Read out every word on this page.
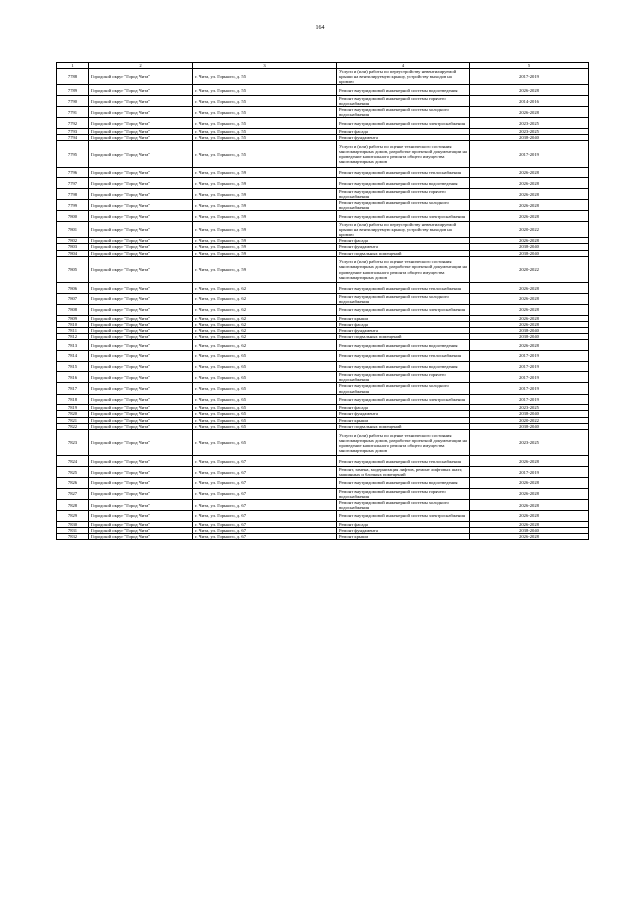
164
1	2	3	4	5
7788	Городской округ "Город Чита"	г. Чита, ул. Горького, д. 55	Услуги и (или) работы по переустройству невентилируемой крыши на вентилируемую крышу, устройству выходов на кровлю	2017-2019
7789	Городской округ "Город Чита"	г. Чита, ул. Горького, д. 55	Ремонт внутридомовой инженерной системы водоотведения	2026-2028
7790	Городской округ "Город Чита"	г. Чита, ул. Горького, д. 55	Ремонт внутридомовой инженерной системы горячего водоснабжения	2014-2016
7791	Городской округ "Город Чита"	г. Чита, ул. Горького, д. 55	Ремонт внутридомовой инженерной системы холодного водоснабжения	2026-2028
7792	Городской округ "Город Чита"	г. Чита, ул. Горького, д. 55	Ремонт внутридомовой инженерной системы электроснабжения	2023-2025
7793	Городской округ "Город Чита"	г. Чита, ул. Горького, д. 55	Ремонт фасада	2023-2025
7794	Городской округ "Город Чита"	г. Чита, ул. Горького, д. 55	Ремонт фундамента	2038-2040
7795	Городской округ "Город Чита"	г. Чита, ул. Горького, д. 55	Услуги и (или) работы по оценке технического состояния многоквартирных домов, разработке проектной документации на проведение капитального ремонта общего имущества многоквартирных домов	2017-2019
7796	Городской округ "Город Чита"	г. Чита, ул. Горького, д. 59	Ремонт внутридомовой инженерной системы теплоснабжения	2026-2028
7797	Городской округ "Город Чита"	г. Чита, ул. Горького, д. 59	Ремонт внутридомовой инженерной системы водоотведения	2026-2028
7798	Городской округ "Город Чита"	г. Чита, ул. Горького, д. 59	Ремонт внутридомовой инженерной системы горячего водоснабжения	2026-2028
7799	Городской округ "Город Чита"	г. Чита, ул. Горького, д. 59	Ремонт внутридомовой инженерной системы холодного водоснабжения	2026-2028
7800	Городской округ "Город Чита"	г. Чита, ул. Горького, д. 59	Ремонт внутридомовой инженерной системы электроснабжения	2026-2028
7801	Городской округ "Город Чита"	г. Чита, ул. Горького, д. 59	Услуги и (или) работы по переустройству невентилируемой крыши на вентилируемую крышу, устройству выходов на кровлю	2020-2022
7802	Городской округ "Город Чита"	г. Чита, ул. Горького, д. 59	Ремонт фасада	2026-2028
7803	Городской округ "Город Чита"	г. Чита, ул. Горького, д. 59	Ремонт фундамента	2038-2040
7804	Городской округ "Город Чита"	г. Чита, ул. Горького, д. 59	Ремонт подвальных помещений	2038-2040
7805	Городской округ "Город Чита"	г. Чита, ул. Горького, д. 59	Услуги и (или) работы по оценке технического состояния многоквартирных домов, разработке проектной документации на проведение капитального ремонта общего имущества многоквартирных домов	2020-2022
7806	Городской округ "Город Чита"	г. Чита, ул. Горького, д. 62	Ремонт внутридомовой инженерной системы теплоснабжения	2026-2028
7807	Городской округ "Город Чита"	г. Чита, ул. Горького, д. 62	Ремонт внутридомовой инженерной системы холодного водоснабжения	2026-2028
7808	Городской округ "Город Чита"	г. Чита, ул. Горького, д. 62	Ремонт внутридомовой инженерной системы электроснабжения	2026-2028
7809	Городской округ "Город Чита"	г. Чита, ул. Горького, д. 62	Ремонт крыши	2026-2028
7810	Городской округ "Город Чита"	г. Чита, ул. Горького, д. 62	Ремонт фасада	2026-2028
7811	Городской округ "Город Чита"	г. Чита, ул. Горького, д. 62	Ремонт фундамента	2038-2040
7812	Городской округ "Город Чита"	г. Чита, ул. Горького, д. 62	Ремонт подвальных помещений	2038-2040
7813	Городской округ "Город Чита"	г. Чита, ул. Горького, д. 62	Ремонт внутридомовой инженерной системы водоотведения	2026-2028
7814	Городской округ "Город Чита"	г. Чита, ул. Горького, д. 65	Ремонт внутридомовой инженерной системы теплоснабжения	2017-2019
7815	Городской округ "Город Чита"	г. Чита, ул. Горького, д. 65	Ремонт внутридомовой инженерной системы водоотведения	2017-2019
7816	Городской округ "Город Чита"	г. Чита, ул. Горького, д. 65	Ремонт внутридомовой инженерной системы горячего водоснабжения	2017-2019
7817	Городской округ "Город Чита"	г. Чита, ул. Горького, д. 65	Ремонт внутридомовой инженерной системы холодного водоснабжения	2017-2019
7818	Городской округ "Город Чита"	г. Чита, ул. Горького, д. 65	Ремонт внутридомовой инженерной системы электроснабжения	2017-2019
7819	Городской округ "Город Чита"	г. Чита, ул. Горького, д. 65	Ремонт фасада	2023-2025
7820	Городской округ "Город Чита"	г. Чита, ул. Горького, д. 65	Ремонт фундамента	2038-2040
7821	Городской округ "Город Чита"	г. Чита, ул. Горького, д. 65	Ремонт крыши	2020-2022
7822	Городской округ "Город Чита"	г. Чита, ул. Горького, д. 65	Ремонт подвальных помещений	2038-2040
7823	Городской округ "Город Чита"	г. Чита, ул. Горького, д. 65	Услуги и (или) работы по оценке технического состояния многоквартирных домов, разработке проектной документации на проведение капитального ремонта общего имущества многоквартирных домов	2023-2025
7824	Городской округ "Город Чита"	г. Чита, ул. Горького, д. 67	Ремонт внутридомовой инженерной системы теплоснабжения	2026-2028
7825	Городской округ "Город Чита"	г. Чита, ул. Горького, д. 67	Ремонт, замена, модернизация лифтов, ремонт лифтовых шахт, машинных и блочных помещений	2017-2019
7826	Городской округ "Город Чита"	г. Чита, ул. Горького, д. 67	Ремонт внутридомовой инженерной системы водоотведения	2026-2028
7827	Городской округ "Город Чита"	г. Чита, ул. Горького, д. 67	Ремонт внутридомовой инженерной системы горячего водоснабжения	2026-2028
7828	Городской округ "Город Чита"	г. Чита, ул. Горького, д. 67	Ремонт внутридомовой инженерной системы холодного водоснабжения	2026-2028
7829	Городской округ "Город Чита"	г. Чита, ул. Горького, д. 67	Ремонт внутридомовой инженерной системы электроснабжения	2026-2028
7830	Городской округ "Город Чита"	г. Чита, ул. Горького, д. 67	Ремонт фасада	2026-2028
7831	Городской округ "Город Чита"	г. Чита, ул. Горького, д. 67	Ремонт фундамента	2038-2040
7832	Городской округ "Город Чита"	г. Чита, ул. Горького, д. 67	Ремонт крыши	2026-2028
